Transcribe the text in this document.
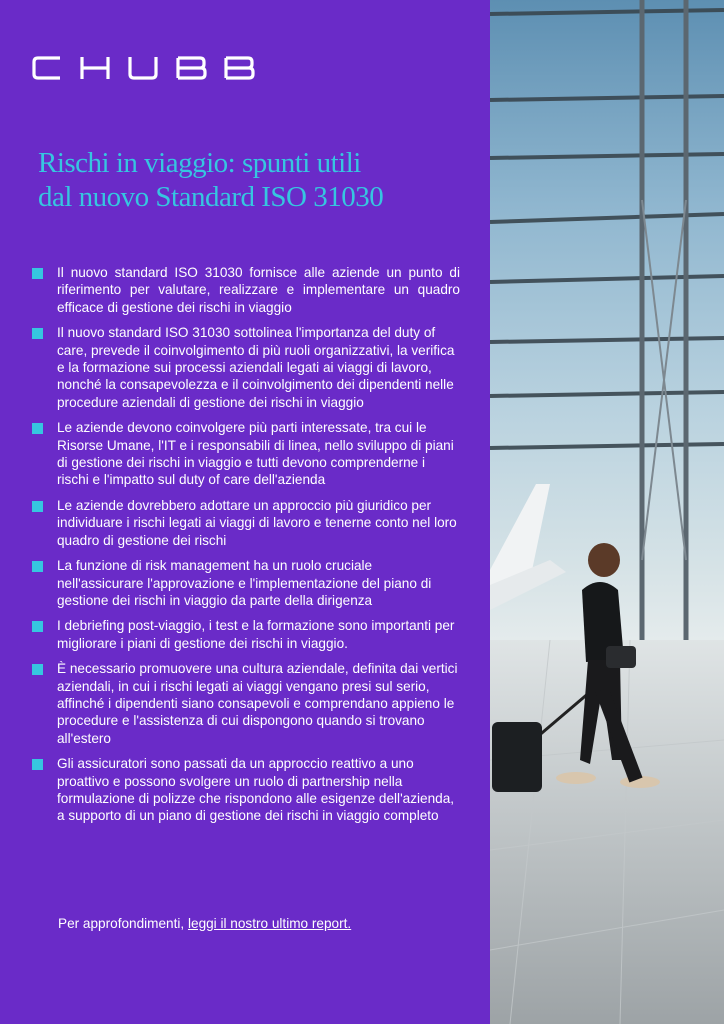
Rischi in viaggio: spunti utili
dal nuovo Standard ISO 31030
Il nuovo standard ISO 31030 fornisce alle aziende un punto di riferimento per valutare, realizzare e implementare un quadro efficace di gestione dei rischi in viaggio
Il nuovo standard ISO 31030 sottolinea l'importanza del duty of care, prevede il coinvolgimento di più ruoli organizzativi, la verifica e la formazione sui processi aziendali legati ai viaggi di lavoro, nonché la consapevolezza e il coinvolgimento dei dipendenti nelle procedure aziendali di gestione dei rischi in viaggio
Le aziende devono coinvolgere più parti interessate, tra cui le Risorse Umane, l'IT e i responsabili di linea, nello sviluppo di piani di gestione dei rischi in viaggio e tutti devono comprenderne i rischi e l'impatto sul duty of care dell'azienda
Le aziende dovrebbero adottare un approccio più giuridico per individuare i rischi legati ai viaggi di lavoro e tenerne conto nel loro quadro di gestione dei rischi
La funzione di risk management ha un ruolo cruciale nell'assicurare l'approvazione e l'implementazione del piano di gestione dei rischi in viaggio da parte della dirigenza
I debriefing post-viaggio, i test e la formazione sono importanti per migliorare i piani di gestione dei rischi in viaggio.
È necessario promuovere una cultura aziendale, definita dai vertici aziendali, in cui i rischi legati ai viaggi vengano presi sul serio, affinché i dipendenti siano consapevoli e comprendano appieno le procedure e l'assistenza di cui dispongono quando si trovano all'estero
Gli assicuratori sono passati da un approccio reattivo a uno proattivo e possono svolgere un ruolo di partnership nella formulazione di polizze che rispondono alle esigenze dell'azienda, a supporto di un piano di gestione dei rischi in viaggio completo
Per approfondimenti, leggi il nostro ultimo report.
